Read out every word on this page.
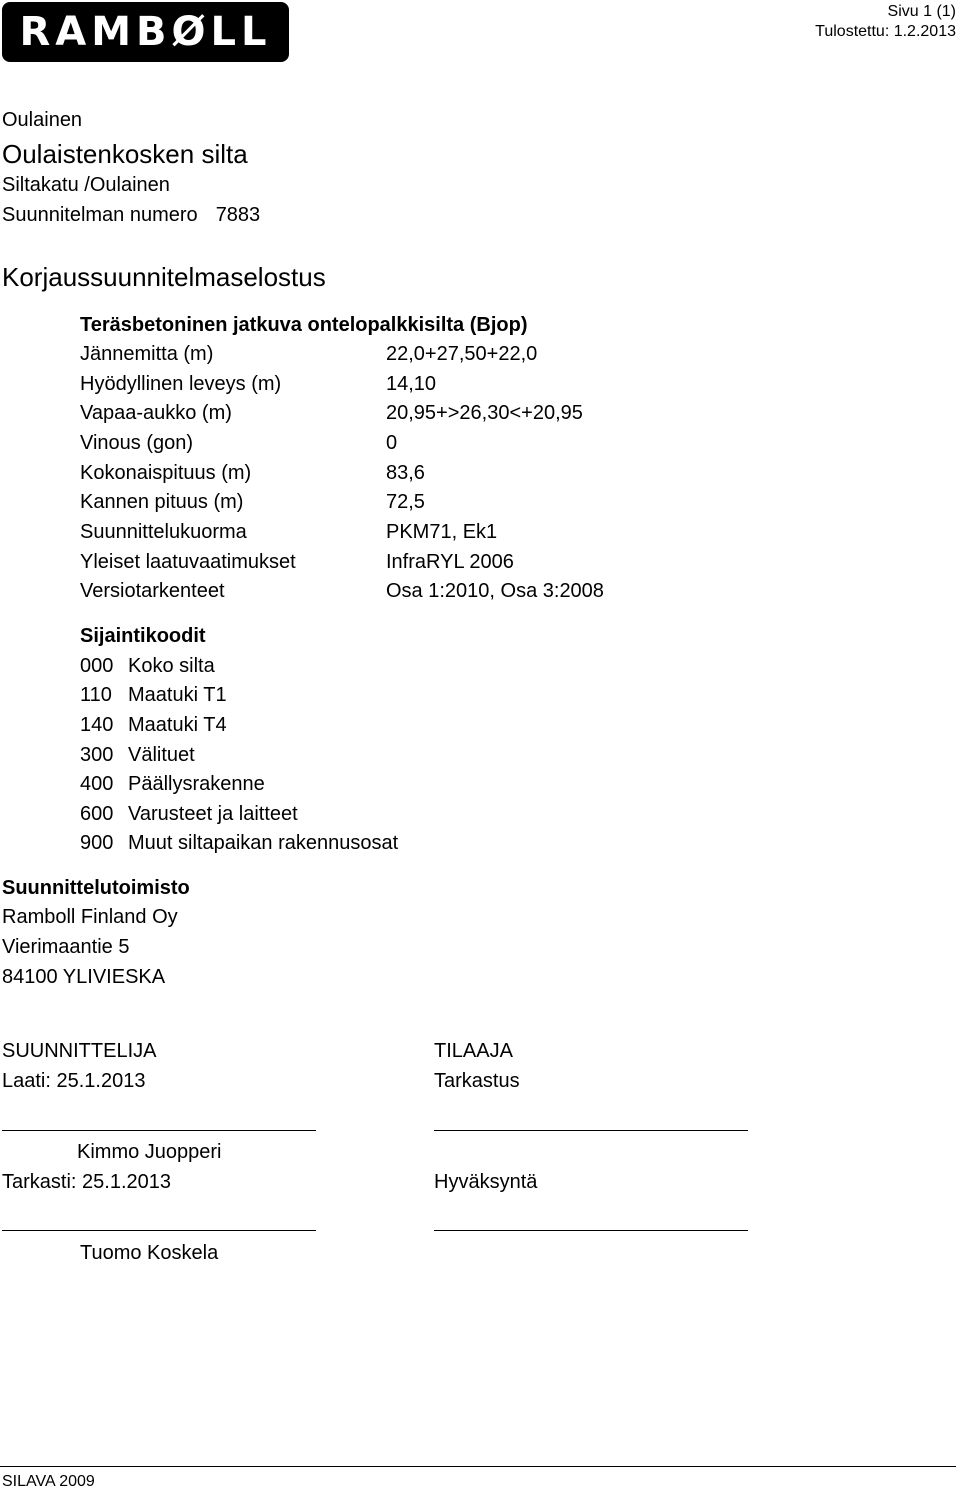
RAMBØLL	Sivu 1 (1)
Tulostettu: 1.2.2013
Oulainen
Oulaistenkosken silta
Siltakatu /Oulainen
Suunnitelman numero 7883
Korjaussuunnitelmaselostus
Teräsbetoninen jatkuva ontelopalkkisilta (Bjop)
Jännemitta (m)	22,0+27,50+22,0
Hyödyllinen leveys (m)	14,10
Vapaa-aukko (m)	20,95+>26,30<+20,95
Vinous (gon)	0
Kokonaispituus (m)	83,6
Kannen pituus (m)	72,5
Suunnittelukuorma	PKM71, Ek1
Yleiset laatuvaatimukset	InfraRYL 2006
Versiotarkenteet	Osa 1:2010, Osa 3:2008
Sijaintikoodit
000 Koko silta
110 Maatuki T1
140 Maatuki T4
300 Välituet
400 Päällysrakenne
600 Varusteet ja laitteet
900 Muut siltapaikan rakennusosat
Suunnittelutoimisto
Ramboll Finland Oy
Vierimaantie 5
84100 YLIVIESKA
SUUNNITTELIJA
Laati: 25.1.2013
Kimmo Juopperi
Tarkasti: 25.1.2013
Tuomo Koskela
TILAAJA
Tarkastus
Hyväksyntä
SILAVA 2009
